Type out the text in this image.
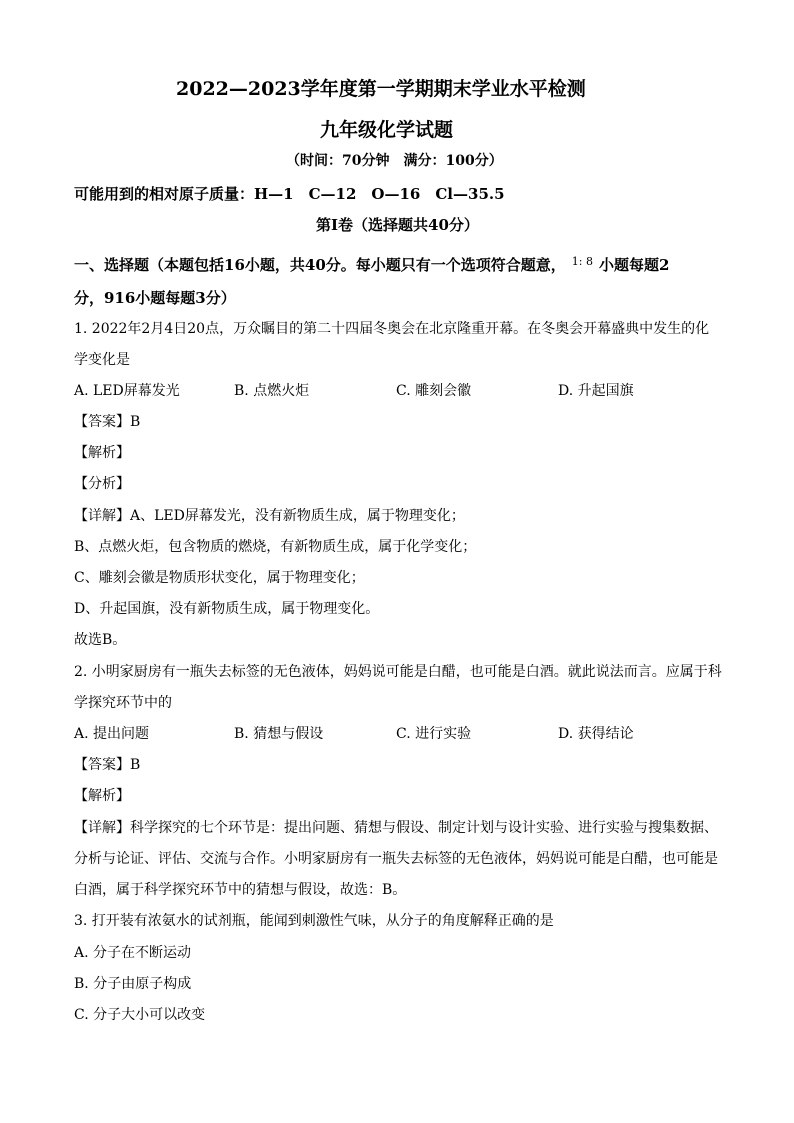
2022—2023学年度第一学期期末学业水平检测
九年级化学试题
（时间：70分钟　满分：100分）
可能用到的相对原子质量：H—1　C—12　O—16　Cl—35.5
第Ⅰ卷（选择题共40分）
一、选择题（本题包括16小题，共40分。每小题只有一个选项符合题意， $^{1: 8}$ 小题每题2
分，916小题每题3分）
1. 2022年2月4日20点，万众瞩目的第二十四届冬奥会在北京隆重开幕。在冬奥会开幕盛典中发生的化
学变化是
A. LED屏幕发光	B. 点燃火炬	C. 雕刻会徽	D. 升起国旗
【答案】B
【解析】
【分析】
【详解】A、LED屏幕发光，没有新物质生成，属于物理变化；
B、点燃火炬，包含物质的燃烧，有新物质生成，属于化学变化；
C、雕刻会徽是物质形状变化，属于物理变化；
D、升起国旗，没有新物质生成，属于物理变化。
故选B。
2. 小明家厨房有一瓶失去标签的无色液体，妈妈说可能是白醋，也可能是白酒。就此说法而言。应属于科
学探究环节中的
A. 提出问题	B. 猜想与假设	C. 进行实验	D. 获得结论
【答案】B
【解析】
【详解】科学探究的七个环节是：提出问题、猜想与假设、制定计划与设计实验、进行实验与搜集数据、
分析与论证、评估、交流与合作。小明家厨房有一瓶失去标签的无色液体，妈妈说可能是白醋，也可能是
白酒，属于科学探究环节中的猜想与假设，故选：B。
3. 打开装有浓氨水的试剂瓶，能闻到刺激性气味，从分子的角度解释正确的是
A. 分子在不断运动
B. 分子由原子构成
C. 分子大小可以改变
